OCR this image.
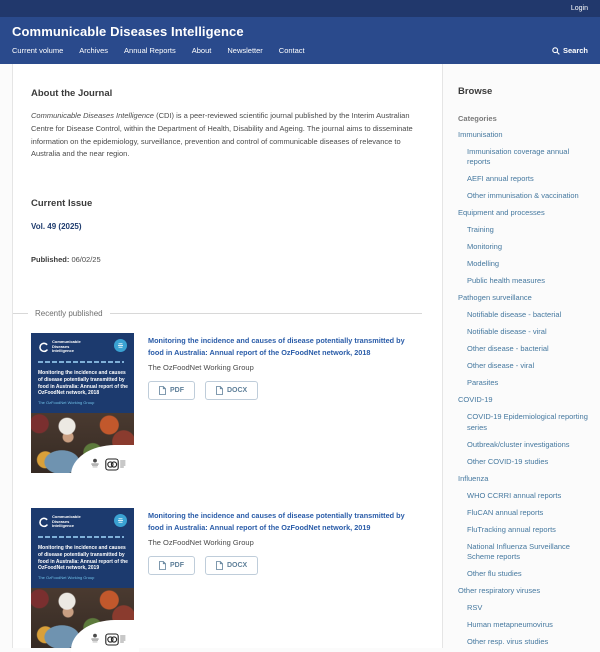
Login
Communicable Diseases Intelligence
Current volume Archives Annual Reports About Newsletter Contact	Search
About the Journal

Communicable Diseases Intelligence (CDI) is a peer-reviewed scientific journal published by the Interim Australian Centre for Disease Control, within the Department of Health, Disability and Ageing. The journal aims to disseminate information on the epidemiology, surveillance, prevention and control of communicable diseases of relevance to Australia and the near region.

Current Issue
Vol. 49 (2025)
Published: 06/02/25
Recently published
Communicable Diseases Intelligence
Monitoring the incidence and causes of disease potentially transmitted by food in Australia: Annual report of the OzFoodNet network, 2018
The OzFoodNet Working Group
Monitoring the incidence and causes of disease potentially transmitted by food in Australia: Annual report of the OzFoodNet network, 2018
The OzFoodNet Working Group
PDF	DOCX
Communicable Diseases Intelligence
Monitoring the incidence and causes of disease potentially transmitted by food in Australia: Annual report of the OzFoodNet network, 2019
The OzFoodNet Working Group
Monitoring the incidence and causes of disease potentially transmitted by food in Australia: Annual report of the OzFoodNet network, 2019
The OzFoodNet Working Group
PDF	DOCX
Browse
Categories
Immunisation
Immunisation coverage annual reports
AEFI annual reports
Other immunisation & vaccination
Equipment and processes
Training
Monitoring
Modelling
Public health measures
Pathogen surveillance
Notifiable disease - bacterial
Notifiable disease - viral
Other disease - bacterial
Other disease - viral
Parasites
COVID-19
COVID-19 Epidemiological reporting series
Outbreak/cluster investigations
Other COVID-19 studies
Influenza
WHO CCRRI annual reports
FluCAN annual reports
FluTracking annual reports
National Influenza Surveillance Scheme reports
Other flu studies
Other respiratory viruses
RSV
Human metapneumovirus
Other resp. virus studies
